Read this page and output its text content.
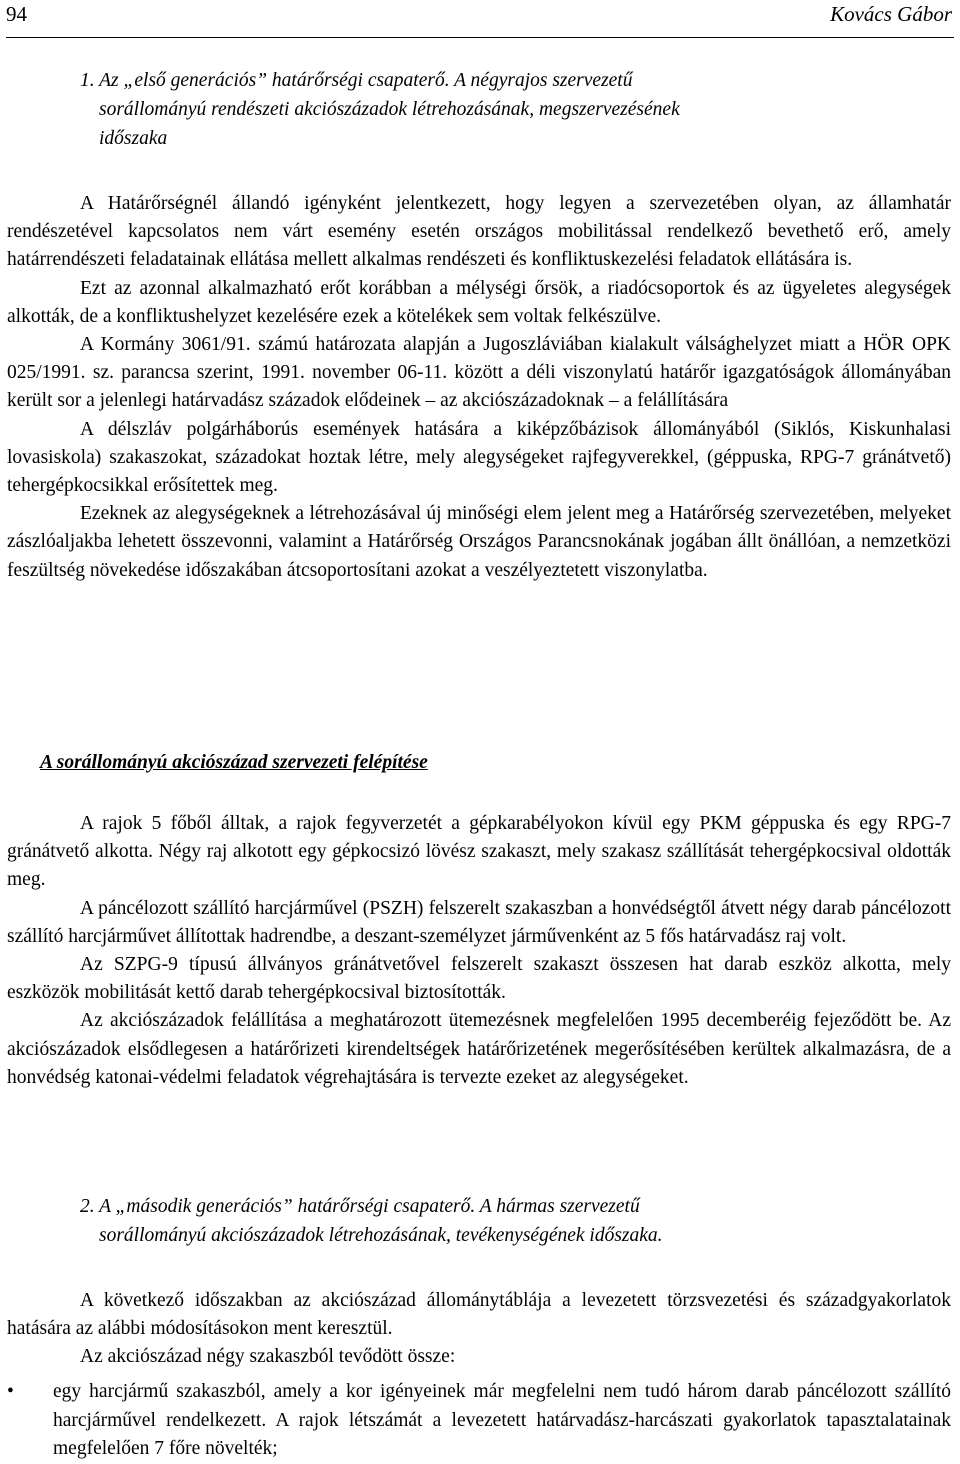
94	Kovács Gábor
1. Az „első generációs” határőrségi csapaterő. A négyrajos szervezetű
sorállományú rendészeti akciószázadok létrehozásának, megszervezésének
időszaka

A Határőrségnél állandó igényként jelentkezett, hogy legyen a szervezetében olyan, az államhatár rendészetével kapcsolatos nem várt esemény esetén országos mobilitással rendelkező bevethető erő, amely határrendészeti feladatainak ellátása mellett alkalmas rendészeti és konfliktuskezelési feladatok ellátására is.

Ezt az azonnal alkalmazható erőt korábban a mélységi őrsök, a riadócsoportok és az ügyeletes alegységek alkották, de a konfliktushelyzet kezelésére ezek a kötelékek sem voltak felkészülve.

A Kormány 3061/91. számú határozata alapján a Jugoszláviában kialakult válsághelyzet miatt a HÖR OPK 025/1991. sz. parancsa szerint, 1991. november 06-11. között a déli viszonylatú határőr igazgatóságok állományában került sor a jelenlegi határvadász századok elődeinek – az akciószázadoknak – a felállítására

A délszláv polgárháborús események hatására a kiképzőbázisok állományából (Siklós, Kiskunhalasi lovasiskola) szakaszokat, századokat hoztak létre, mely alegységeket rajfegyverekkel, (géppuska, RPG-7 gránátvető) tehergépkocsikkal erősítettek meg.

Ezeknek az alegységeknek a létrehozásával új minőségi elem jelent meg a Határőrség szervezetében, melyeket zászlóaljakba lehetett összevonni, valamint a Határőrség Országos Parancsnokának jogában állt önállóan, a nemzetközi feszültség növekedése időszakában átcsoportosítani azokat a veszélyeztetett viszonylatba.

A sorállományú akciószázad szervezeti felépítése

A rajok 5 főből álltak, a rajok fegyverzetét a gépkarabélyokon kívül egy PKM géppuska és egy RPG-7 gránátvető alkotta. Négy raj alkotott egy gépkocsizó lövész szakaszt, mely szakasz szállítását tehergépkocsival oldották meg.

A páncélozott szállító harcjárművel (PSZH) felszerelt szakaszban a honvédségtől átvett négy darab páncélozott szállító harcjárművet állítottak hadrendbe, a deszant-személyzet járművenként az 5 fős határvadász raj volt.

Az SZPG-9 típusú állványos gránátvetővel felszerelt szakaszt összesen hat darab eszköz alkotta, mely eszközök mobilitását kettő darab tehergépkocsival biztosították.

Az akciószázadok felállítása a meghatározott ütemezésnek megfelelően 1995 decemberéig fejeződött be. Az akciószázadok elsődlegesen a határőrizeti kirendeltségek határőrizetének megerősítésében kerültek alkalmazásra, de a honvédség katonai-védelmi feladatok végrehajtására is tervezte ezeket az alegységeket.

2. A „második generációs” határőrségi csapaterő. A hármas szervezetű
sorállományú akciószázadok létrehozásának, tevékenységének időszaka.

A következő időszakban az akciószázad állománytáblája a levezetett törzsvezetési és századgyakorlatok hatására az alábbi módosításokon ment keresztül.

Az akciószázad négy szakaszból tevődött össze:

•	egy harcjármű szakaszból, amely a kor igényeinek már megfelelni nem tudó három darab páncélozott szállító harcjárművel rendelkezett. A rajok létszámát a levezetett határvadász-harcászati gyakorlatok tapasztalatainak megfelelően 7 főre növelték;
